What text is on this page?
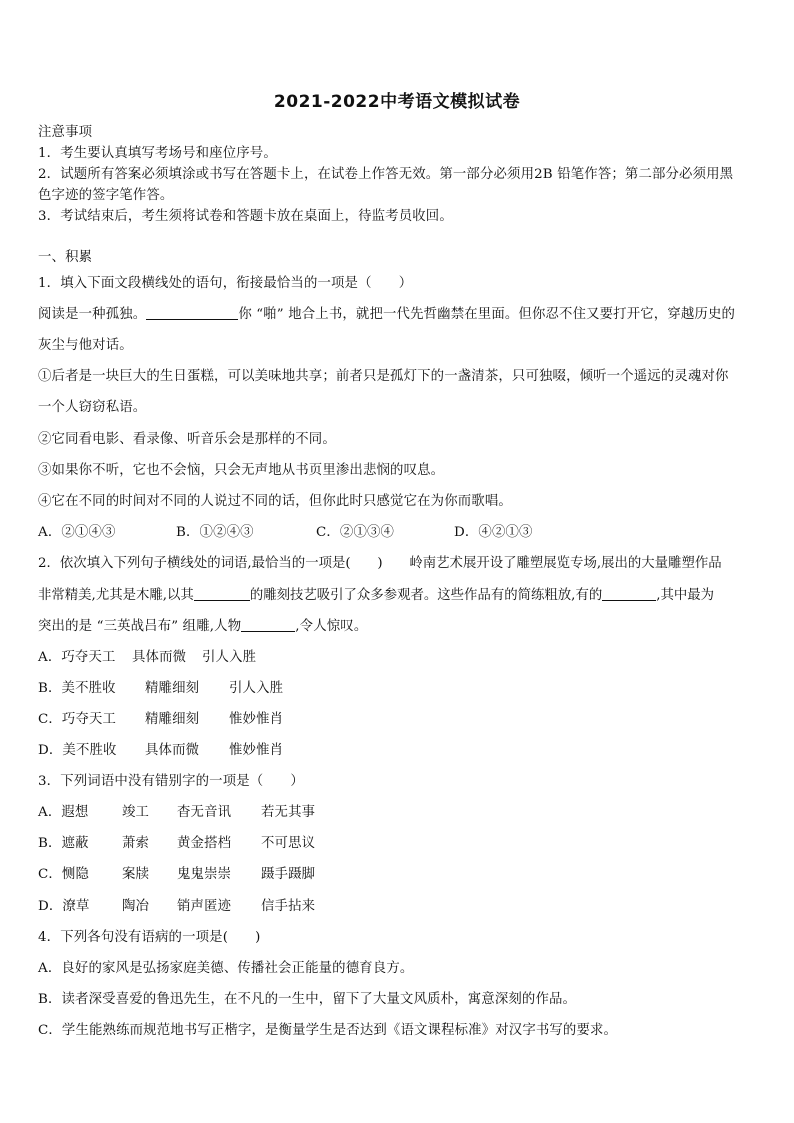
2021-2022中考语文模拟试卷
注意事项
1．考生要认真填写考场号和座位序号。
2．试题所有答案必须填涂或书写在答题卡上，在试卷上作答无效。第一部分必须用2B 铅笔作答；第二部分必须用黑
色字迹的签字笔作答。
3．考试结束后，考生须将试卷和答题卡放在桌面上，待监考员收回。
一、积累
1．填入下面文段横线处的语句，衔接最恰当的一项是（　　）
阅读是一种孤独。	你 “啪” 地合上书，就把一代先哲幽禁在里面。但你忍不住又要打开它，穿越历史的
灰尘与他对话。
①后者是一块巨大的生日蛋糕，可以美味地共享；前者只是孤灯下的一盏清茶，只可独啜，倾听一个遥远的灵魂对你
一个人窃窃私语。
②它同看电影、看录像、听音乐会是那样的不同。
③如果你不听，它也不会恼，只会无声地从书页里渗出悲悯的叹息。
④它在不同的时间对不同的人说过不同的话，但你此时只感觉它在为你而歌唱。
A．②①④③	B．①②④③	C．②①③④	D．④②①③
2．依次填入下列句子横线处的词语,最恰当的一项是(　　)　　岭南艺术展开设了雕塑展览专场,展出的大量雕塑作品
非常精美,尤其是木雕,以其	的雕刻技艺吸引了众多参观者。这些作品有的简练粗放,有的	,其中最为
突出的是 “三英战吕布” 组雕,人物	,令人惊叹。
A．巧夺天工 具体而微 引人入胜
B．美不胜收 精雕细刻 引人入胜
C．巧夺天工 精雕细刻 惟妙惟肖
D．美不胜收 具体而微 惟妙惟肖
3．下列词语中没有错别字的一项是（　　）
A．遐想	竣工 杳无音讯 若无其事
B．遮蔽 萧索 黄金搭档 不可思议
C．恻隐 案牍 鬼鬼崇崇 蹑手蹑脚
D．潦草 陶冶 销声匿迹 信手拈来
4．下列各句没有语病的一项是(　　)
A．良好的家风是弘扬家庭美德、传播社会正能量的德育良方。
B．读者深受喜爱的鲁迅先生，在不凡的一生中，留下了大量文风质朴，寓意深刻的作品。
C．学生能熟练而规范地书写正楷字，是衡量学生是否达到《语文课程标准》对汉字书写的要求。
